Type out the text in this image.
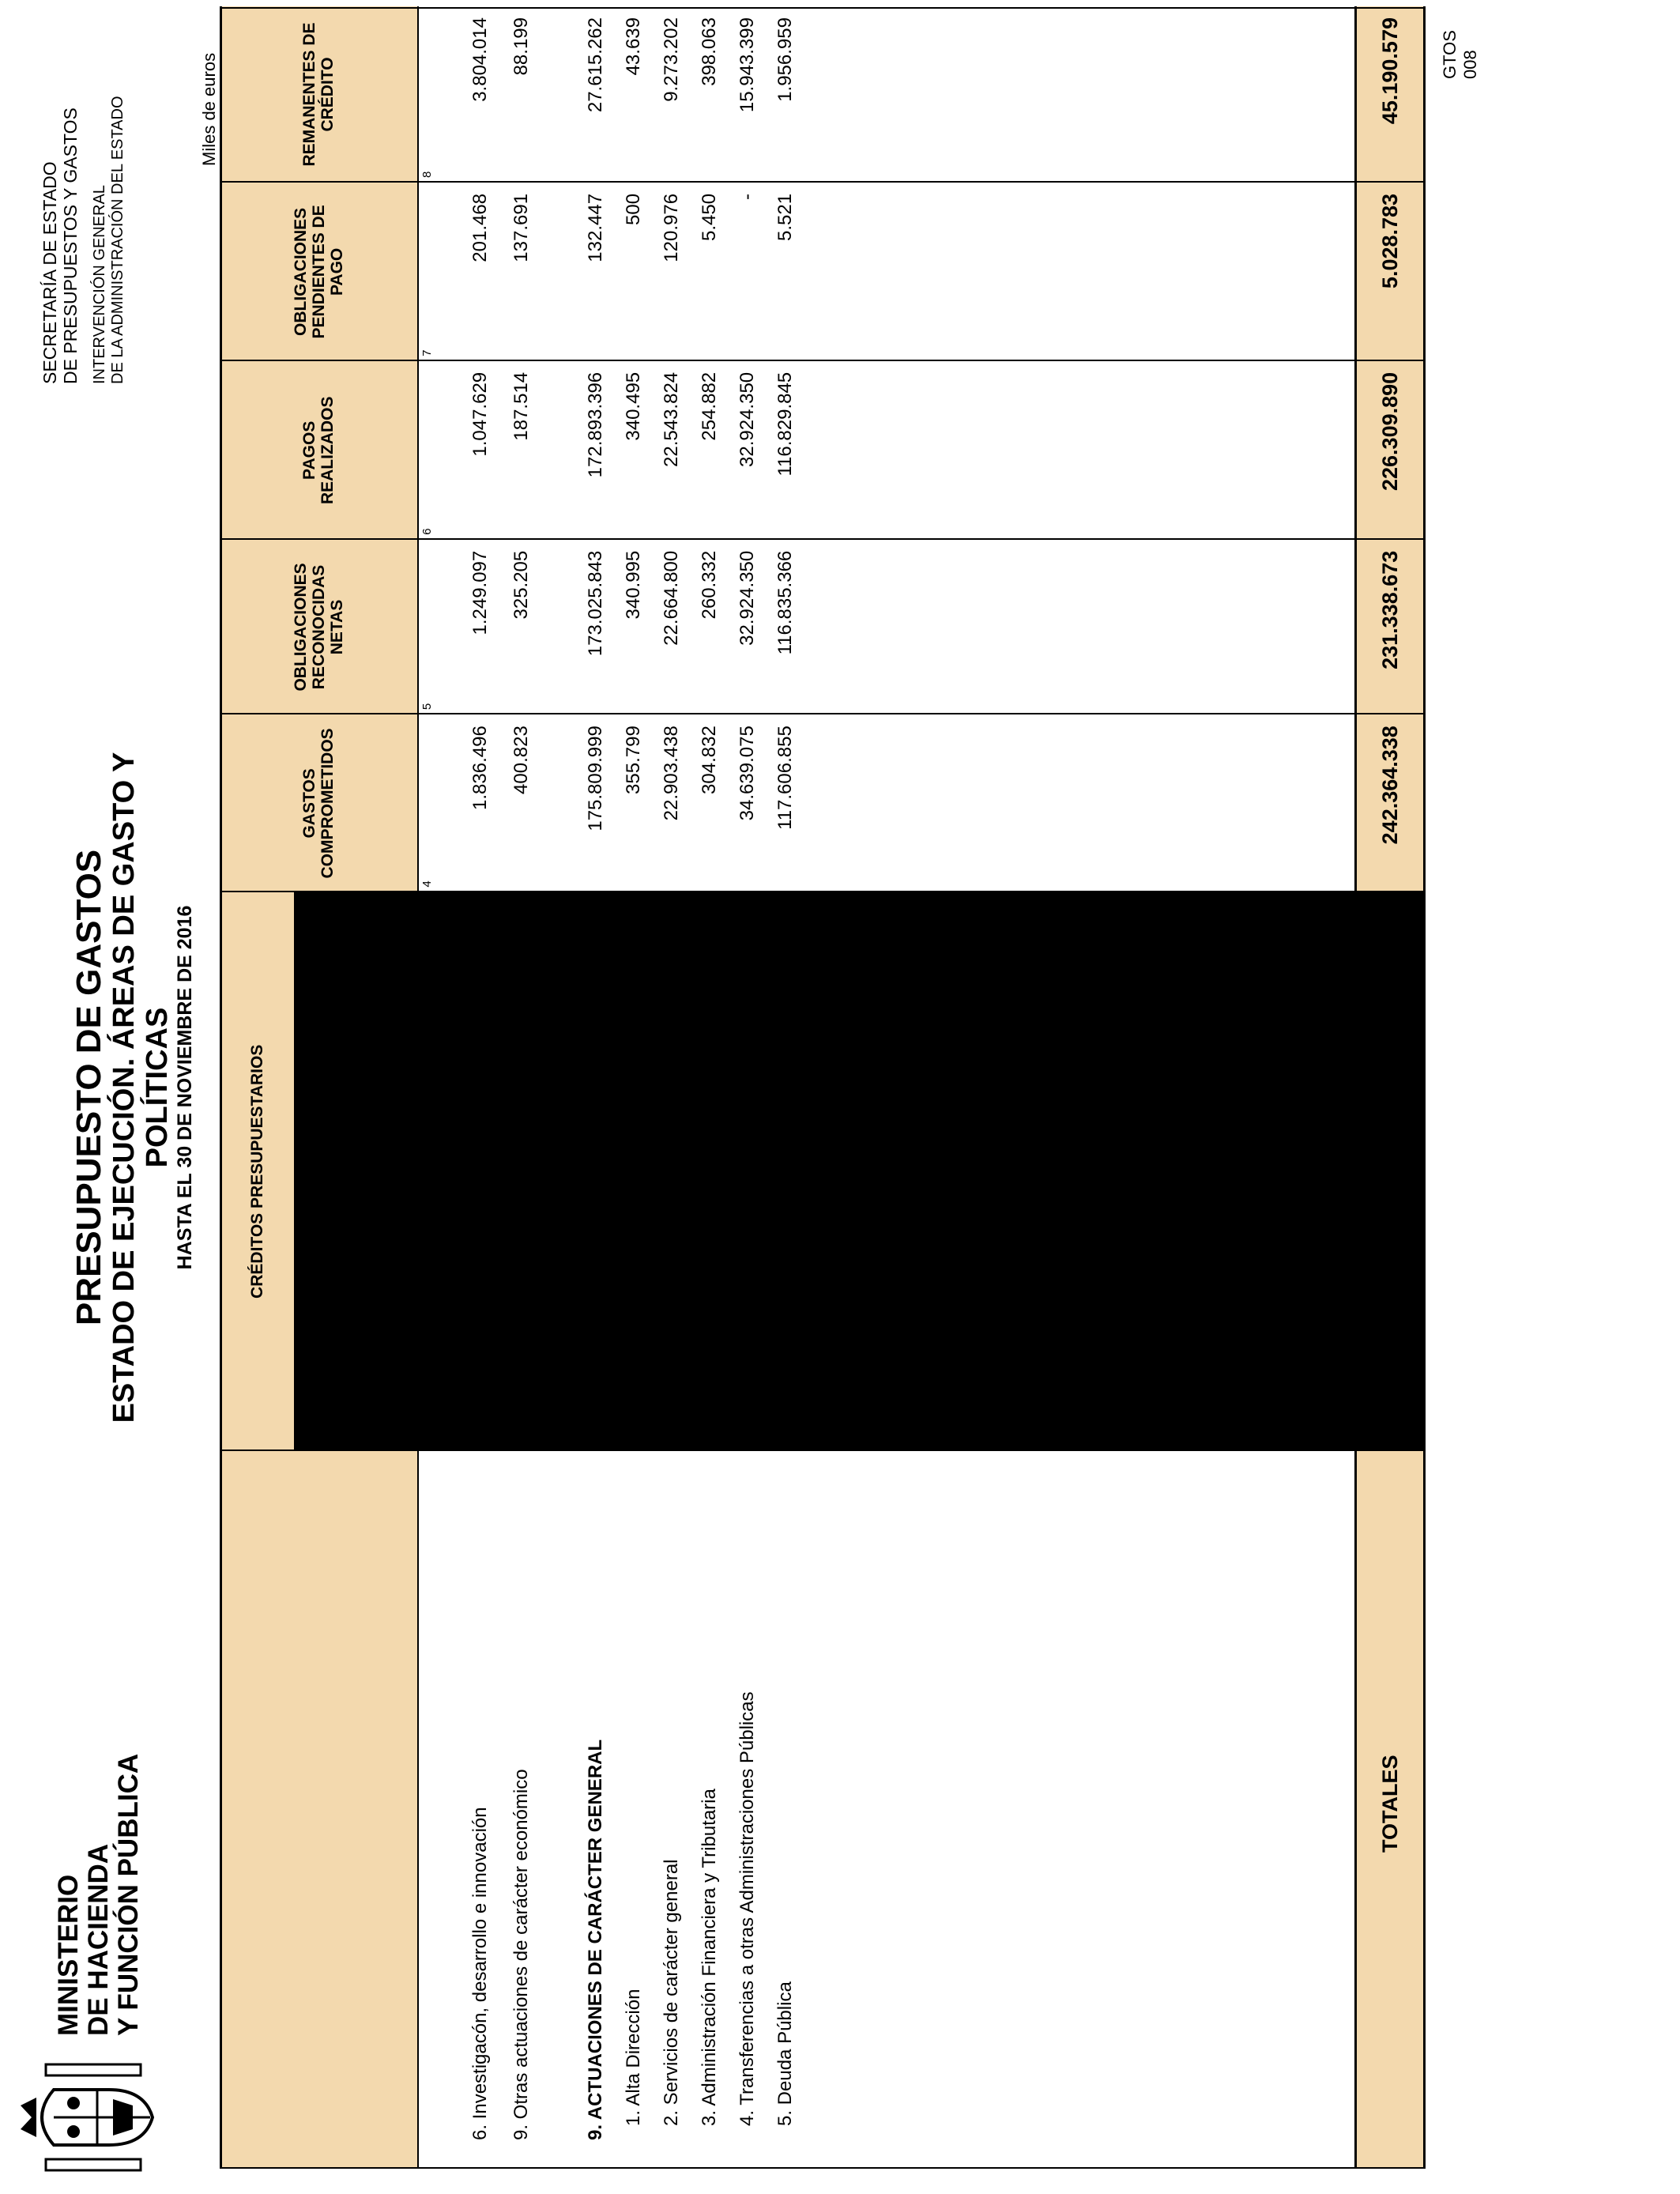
MINISTERIO DE HACIENDA Y FUNCIÓN PÚBLICA
PRESUPUESTO DE GASTOS ESTADO DE EJECUCIÓN. ÁREAS DE GASTO Y POLÍTICAS HASTA EL 30 DE NOVIEMBRE DE 2016
SECRETARÍA DE ESTADO DE PRESUPUESTOS Y GASTOS INTERVENCIÓN GENERAL DE LA ADMINISTRACIÓN DEL ESTADO	Miles de euros
CRÉDITOS PRESUPUESTARIOS
GTOS 008
INICIALES
1
MODIFICACIONES
2
DEFINITIVOS
3
GASTOS COMPROMETIDOS
4
OBLIGACIONES RECONOCIDAS NETAS
5
PAGOS REALIZADOS
6
OBLIGACIONES PENDIENTES DE PAGO
7
REMANENTES DE CRÉDITO
8
6. Investigacón, desarrollo e innovación
5.113.225
-60.111
5.053.111
1.836.496
1.249.097
1.047.629
201.468
3.804.014
9. Otras actuaciones de carácter económico
412.193
1.211
413.404
400.823
325.205
187.514
137.691
88.199
9. ACTUACIONES DE CARÁCTER GENERAL
201.304.790
-663.678
200.641.105
175.809.999
173.025.843
172.893.396
132.447
27.615.262
1. Alta Dirección
384.745
-112
384.634
355.799
340.995
340.495
500
43.639
2. Servicios de carácter general
33.658.823
-1.720.812
31.938.002
22.903.438
22.664.800
22.543.824
120.976
9.273.202
3. Administración Financiera y Tributaria
652.855
5.539
658.395
304.832
260.332
254.882
5.450
398.063
4. Transferencias a otras Administraciones Públicas
48.816.042
51.707
48.867.749
34.639.075
32.924.350
32.924.350
-
15.943.399
5. Deuda Pública
117.792.325
1.000.000
118.792.325
117.606.855
116.835.366
116.829.845
5.521
1.956.959
TOTALES
274.731.887
1.797.385
276.529.252
242.364.338
231.338.673
226.309.890
5.028.783
45.190.579
